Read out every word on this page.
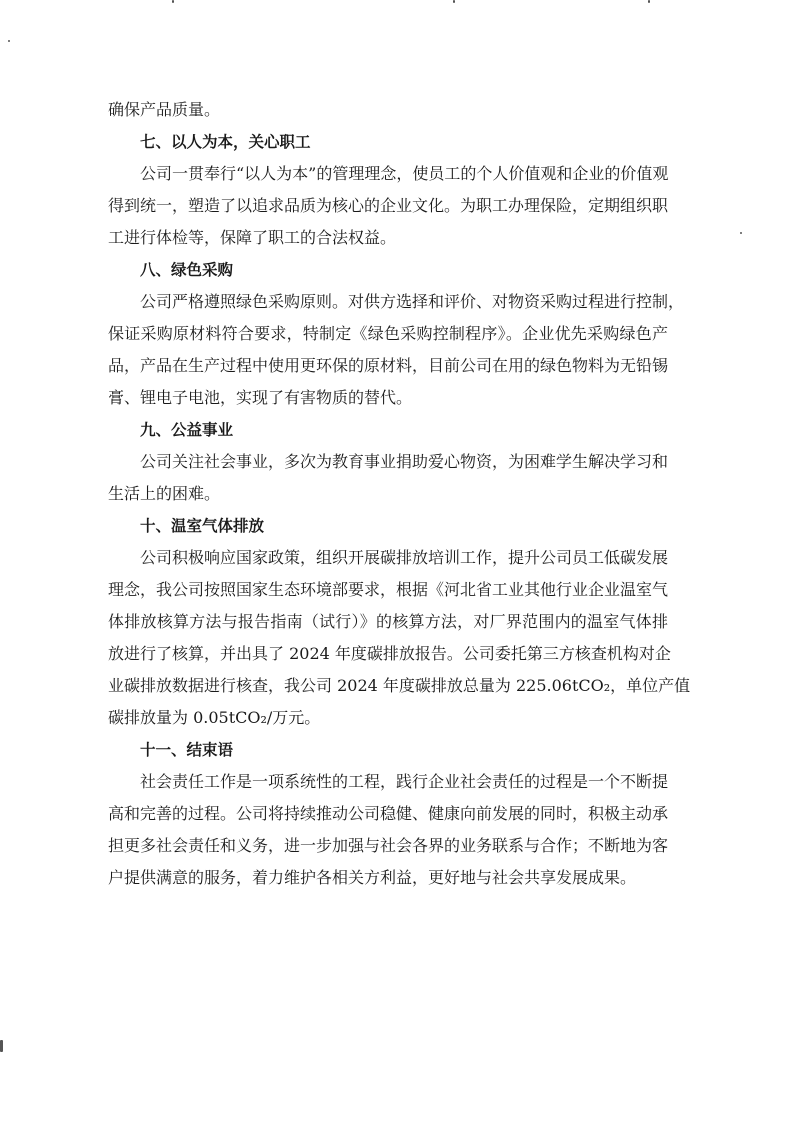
确保产品质量。
七、以人为本，关心职工
公司一贯奉行“以人为本”的管理理念，使员工的个人价值观和企业的价值观
得到统一，塑造了以追求品质为核心的企业文化。为职工办理保险，定期组织职
工进行体检等，保障了职工的合法权益。
八、绿色采购
公司严格遵照绿色采购原则。对供方选择和评价、对物资采购过程进行控制，
保证采购原材料符合要求，特制定《绿色采购控制程序》。企业优先采购绿色产
品，产品在生产过程中使用更环保的原材料，目前公司在用的绿色物料为无铅锡
膏、锂电子电池，实现了有害物质的替代。
九、公益事业
公司关注社会事业，多次为教育事业捐助爱心物资，为困难学生解决学习和
生活上的困难。
十、温室气体排放
公司积极响应国家政策，组织开展碳排放培训工作，提升公司员工低碳发展
理念，我公司按照国家生态环境部要求，根据《河北省工业其他行业企业温室气
体排放核算方法与报告指南（试行）》的核算方法，对厂界范围内的温室气体排
放进行了核算，并出具了 2024 年度碳排放报告。公司委托第三方核查机构对企
业碳排放数据进行核查，我公司 2024 年度碳排放总量为 225.06tCO₂，单位产值
碳排放量为 0.05tCO₂/万元。
十一、结束语
社会责任工作是一项系统性的工程，践行企业社会责任的过程是一个不断提
高和完善的过程。公司将持续推动公司稳健、健康向前发展的同时，积极主动承
担更多社会责任和义务，进一步加强与社会各界的业务联系与合作；不断地为客
户提供满意的服务，着力维护各相关方利益，更好地与社会共享发展成果。
